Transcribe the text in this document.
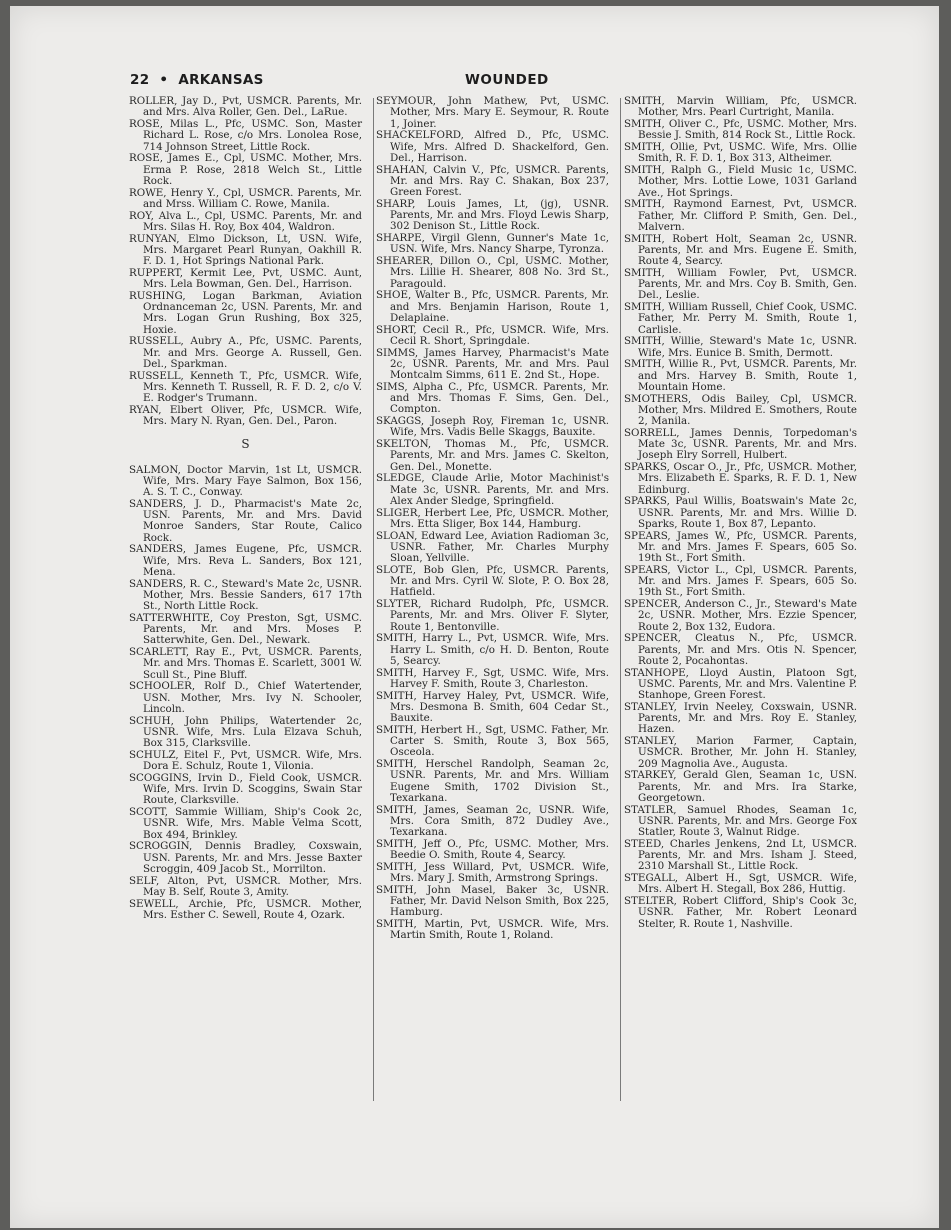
22 • ARKANSAS	WOUNDED

ROLLER, Jay D., Pvt, USMCR. Parents, Mr. and Mrs. Alva Roller, Gen. Del., LaRue.

ROSE, Milas L., Pfc, USMC. Son, Master Richard L. Rose, c/o Mrs. Lonolea Rose, 714 Johnson Street, Little Rock.

ROSE, James E., Cpl, USMC. Mother, Mrs. Erma P. Rose, 2818 Welch St., Little Rock.

ROWE, Henry Y., Cpl, USMCR. Parents, Mr. and Mrss. William C. Rowe, Manila.

ROY, Alva L., Cpl, USMC. Parents, Mr. and Mrs. Silas H. Roy, Box 404, Waldron.

RUNYAN, Elmo Dickson, Lt, USN. Wife, Mrs. Margaret Pearl Runyan, Oakhill R. F. D. 1, Hot Springs National Park.

RUPPERT, Kermit Lee, Pvt, USMC. Aunt, Mrs. Lela Bowman, Gen. Del., Harrison.

RUSHING, Logan Barkman, Aviation Ordnanceman 2c, USN. Parents, Mr. and Mrs. Logan Grun Rushing, Box 325, Hoxie.

RUSSELL, Aubry A., Pfc, USMC. Parents, Mr. and Mrs. George A. Russell, Gen. Del., Sparkman.

RUSSELL, Kenneth T., Pfc, USMCR. Wife, Mrs. Kenneth T. Russell, R. F. D. 2, c/o V. E. Rodger's Trumann.

RYAN, Elbert Oliver, Pfc, USMCR. Wife, Mrs. Mary N. Ryan, Gen. Del., Paron.

S

SALMON, Doctor Marvin, 1st Lt, USMCR. Wife, Mrs. Mary Faye Salmon, Box 156, A. S. T. C., Conway.

SANDERS, J. D., Pharmacist's Mate 2c, USN. Parents, Mr. and Mrs. David Monroe Sanders, Star Route, Calico Rock.

SANDERS, James Eugene, Pfc, USMCR. Wife, Mrs. Reva L. Sanders, Box 121, Mena.

SANDERS, R. C., Steward's Mate 2c, USNR. Mother, Mrs. Bessie Sanders, 617 17th St., North Little Rock.

SATTERWHITE, Coy Preston, Sgt, USMC. Parents, Mr. and Mrs. Moses P. Satterwhite, Gen. Del., Newark.

SCARLETT, Ray E., Pvt, USMCR. Parents, Mr. and Mrs. Thomas E. Scarlett, 3001 W. Scull St., Pine Bluff.

SCHOOLER, Rolf D., Chief Watertender, USN. Mother, Mrs. Ivy N. Schooler, Lincoln.

SCHUH, John Philips, Watertender 2c, USNR. Wife, Mrs. Lula Elzava Schuh, Box 315, Clarksville.

SCHULZ, Eitel F., Pvt, USMCR. Wife, Mrs. Dora E. Schulz, Route 1, Vilonia.

SCOGGINS, Irvin D., Field Cook, USMCR. Wife, Mrs. Irvin D. Scoggins, Swain Star Route, Clarksville.

SCOTT, Sammie William, Ship's Cook 2c, USNR. Wife, Mrs. Mable Velma Scott, Box 494, Brinkley.

SCROGGIN, Dennis Bradley, Coxswain, USN. Parents, Mr. and Mrs. Jesse Baxter Scroggin, 409 Jacob St., Morrilton.

SELF, Alton, Pvt, USMCR. Mother, Mrs. May B. Self, Route 3, Amity.

SEWELL, Archie, Pfc, USMCR. Mother, Mrs. Esther C. Sewell, Route 4, Ozark.

SEYMOUR, John Mathew, Pvt, USMC. Mother, Mrs. Mary E. Seymour, R. Route 1, Joiner.

SHACKELFORD, Alfred D., Pfc, USMC. Wife, Mrs. Alfred D. Shackelford, Gen. Del., Harrison.

SHAHAN, Calvin V., Pfc, USMCR. Parents, Mr. and Mrs. Ray C. Shakan, Box 237, Green Forest.

SHARP, Louis James, Lt, (jg), USNR. Parents, Mr. and Mrs. Floyd Lewis Sharp, 302 Denison St., Little Rock.

SHARPE, Virgil Glenn, Gunner's Mate 1c, USN. Wife, Mrs. Nancy Sharpe, Tyronza.

SHEARER, Dillon O., Cpl, USMC. Mother, Mrs. Lillie H. Shearer, 808 No. 3rd St., Paragould.

SHOE, Walter B., Pfc, USMCR. Parents, Mr. and Mrs. Benjamin Harison, Route 1, Delaplaine.

SHORT, Cecil R., Pfc, USMCR. Wife, Mrs. Cecil R. Short, Springdale.

SIMMS, James Harvey, Pharmacist's Mate 2c, USNR. Parents, Mr. and Mrs. Paul Montcalm Simms, 611 E. 2nd St., Hope.

SIMS, Alpha C., Pfc, USMCR. Parents, Mr. and Mrs. Thomas F. Sims, Gen. Del., Compton.

SKAGGS, Joseph Roy, Fireman 1c, USNR. Wife, Mrs. Vadis Belle Skaggs, Bauxite.

SKELTON, Thomas M., Pfc, USMCR. Parents, Mr. and Mrs. James C. Skelton, Gen. Del., Monette.

SLEDGE, Claude Arlie, Motor Machinist's Mate 3c, USNR. Parents, Mr. and Mrs. Alex Ander Sledge, Springfield.

SLIGER, Herbert Lee, Pfc, USMCR. Mother, Mrs. Etta Sliger, Box 144, Hamburg.

SLOAN, Edward Lee, Aviation Radioman 3c, USNR. Father, Mr. Charles Murphy Sloan, Yellville.

SLOTE, Bob Glen, Pfc, USMCR. Parents, Mr. and Mrs. Cyril W. Slote, P. O. Box 28, Hatfield.

SLYTER, Richard Rudolph, Pfc, USMCR. Parents, Mr. and Mrs. Oliver F. Slyter, Route 1, Bentonville.

SMITH, Harry L., Pvt, USMCR. Wife, Mrs. Harry L. Smith, c/o H. D. Benton, Route 5, Searcy.

SMITH, Harvey F., Sgt, USMC. Wife, Mrs. Harvey F. Smith, Route 3, Charleston.

SMITH, Harvey Haley, Pvt, USMCR. Wife, Mrs. Desmona B. Smith, 604 Cedar St., Bauxite.

SMITH, Herbert H., Sgt, USMC. Father, Mr. Carter S. Smith, Route 3, Box 565, Osceola.

SMITH, Herschel Randolph, Seaman 2c, USNR. Parents, Mr. and Mrs. William Eugene Smith, 1702 Division St., Texarkana.

SMITH, James, Seaman 2c, USNR. Wife, Mrs. Cora Smith, 872 Dudley Ave., Texarkana.

SMITH, Jeff O., Pfc, USMC. Mother, Mrs. Beedie O. Smith, Route 4, Searcy.

SMITH, Jess Willard, Pvt, USMCR. Wife, Mrs. Mary J. Smith, Armstrong Springs.

SMITH, John Masel, Baker 3c, USNR. Father, Mr. David Nelson Smith, Box 225, Hamburg.

SMITH, Martin, Pvt, USMCR. Wife, Mrs. Martin Smith, Route 1, Roland.

SMITH, Marvin William, Pfc, USMCR. Mother, Mrs. Pearl Curtright, Manila.

SMITH, Oliver C., Pfc, USMC. Mother, Mrs. Bessie J. Smith, 814 Rock St., Little Rock.

SMITH, Ollie, Pvt, USMC. Wife, Mrs. Ollie Smith, R. F. D. 1, Box 313, Altheimer.

SMITH, Ralph G., Field Music 1c, USMC. Mother, Mrs. Lottie Lowe, 1031 Garland Ave., Hot Springs.

SMITH, Raymond Earnest, Pvt, USMCR. Father, Mr. Clifford P. Smith, Gen. Del., Malvern.

SMITH, Robert Holt, Seaman 2c, USNR. Parents, Mr. and Mrs. Eugene E. Smith, Route 4, Searcy.

SMITH, William Fowler, Pvt, USMCR. Parents, Mr. and Mrs. Coy B. Smith, Gen. Del., Leslie.

SMITH, William Russell, Chief Cook, USMC. Father, Mr. Perry M. Smith, Route 1, Carlisle.

SMITH, Willie, Steward's Mate 1c, USNR. Wife, Mrs. Eunice B. Smith, Dermott.

SMITH, Willie R., Pvt, USMCR. Parents, Mr. and Mrs. Harvey B. Smith, Route 1, Mountain Home.

SMOTHERS, Odis Bailey, Cpl, USMCR. Mother, Mrs. Mildred E. Smothers, Route 2, Manila.

SORRELL, James Dennis, Torpedoman's Mate 3c, USNR. Parents, Mr. and Mrs. Joseph Elry Sorrell, Hulbert.

SPARKS, Oscar O., Jr., Pfc, USMCR. Mother, Mrs. Elizabeth E. Sparks, R. F. D. 1, New Edinburg.

SPARKS, Paul Willis, Boatswain's Mate 2c, USNR. Parents, Mr. and Mrs. Willie D. Sparks, Route 1, Box 87, Lepanto.

SPEARS, James W., Pfc, USMCR. Parents, Mr. and Mrs. James F. Spears, 605 So. 19th St., Fort Smith.

SPEARS, Victor L., Cpl, USMCR. Parents, Mr. and Mrs. James F. Spears, 605 So. 19th St., Fort Smith.

SPENCER, Anderson C., Jr., Steward's Mate 2c, USNR. Mother, Mrs. Ezzie Spencer, Route 2, Box 132, Eudora.

SPENCER, Cleatus N., Pfc, USMCR. Parents, Mr. and Mrs. Otis N. Spencer, Route 2, Pocahontas.

STANHOPE, Lloyd Austin, Platoon Sgt, USMC. Parents, Mr. and Mrs. Valentine P. Stanhope, Green Forest.

STANLEY, Irvin Neeley, Coxswain, USNR. Parents, Mr. and Mrs. Roy E. Stanley, Hazen.

STANLEY, Marion Farmer, Captain, USMCR. Brother, Mr. John H. Stanley, 209 Magnolia Ave., Augusta.

STARKEY, Gerald Glen, Seaman 1c, USN. Parents, Mr. and Mrs. Ira Starke, Georgetown.

STATLER, Samuel Rhodes, Seaman 1c, USNR. Parents, Mr. and Mrs. George Fox Statler, Route 3, Walnut Ridge.

STEED, Charles Jenkens, 2nd Lt, USMCR. Parents, Mr. and Mrs. Isham J. Steed, 2310 Marshall St., Little Rock.

STEGALL, Albert H., Sgt, USMCR. Wife, Mrs. Albert H. Stegall, Box 286, Huttig.

STELTER, Robert Clifford, Ship's Cook 3c, USNR. Father, Mr. Robert Leonard Stelter, R. Route 1, Nashville.
